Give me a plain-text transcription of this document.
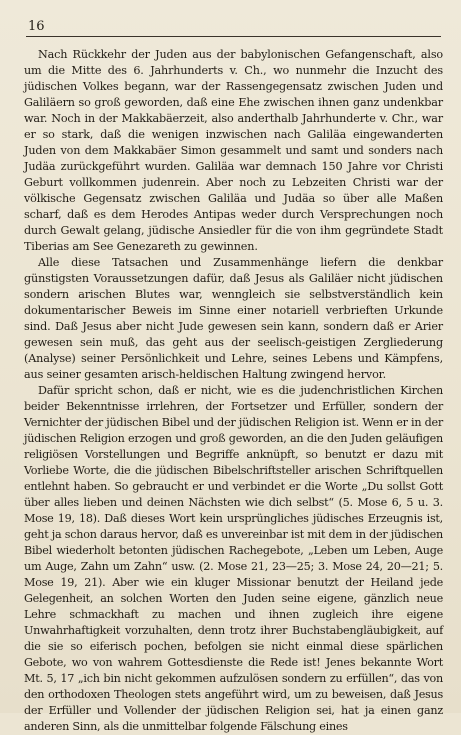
16

Nach Rückkehr der Juden aus der babylonischen Gefangenschaft, also um die Mitte des 6. Jahrhunderts v. Ch., wo nunmehr die Inzucht des jüdischen Volkes begann, war der Rassengegensatz zwischen Juden und Galiläern so groß geworden, daß eine Ehe zwischen ihnen ganz undenkbar war. Noch in der Makkabäerzeit, also anderthalb Jahrhunderte v. Chr., war er so stark, daß die wenigen inzwischen nach Galiläa eingewanderten Juden von dem Makkabäer Simon gesammelt und samt und sonders nach Judäa zurückgeführt wurden. Galiläa war demnach 150 Jahre vor Christi Geburt vollkommen judenrein. Aber noch zu Lebzeiten Christi war der völkische Gegensatz zwischen Galiläa und Judäa so über alle Maßen scharf, daß es dem Herodes Antipas weder durch Versprechungen noch durch Gewalt gelang, jüdische Ansiedler für die von ihm gegründete Stadt Tiberias am See Genezareth zu gewinnen.

Alle diese Tatsachen und Zusammenhänge liefern die denkbar günstigsten Voraussetzungen dafür, daß Jesus als Galiläer nicht jüdischen sondern arischen Blutes war, wenngleich sie selbstverständlich kein dokumentarischer Beweis im Sinne einer notariell verbrieften Urkunde sind. Daß Jesus aber nicht Jude gewesen sein kann, sondern daß er Arier gewesen sein muß, das geht aus der seelisch-geistigen Zergliederung (Analyse) seiner Persönlichkeit und Lehre, seines Lebens und Kämpfens, aus seiner gesamten arisch-heldischen Haltung zwingend hervor.

Dafür spricht schon, daß er nicht, wie es die judenchristlichen Kirchen beider Bekenntnisse irrlehren, der Fortsetzer und Erfüller, sondern der Vernichter der jüdischen Bibel und der jüdischen Religion ist. Wenn er in der jüdischen Religion erzogen und groß geworden, an die den Juden geläufigen religiösen Vorstellungen und Begriffe anknüpft, so benutzt er dazu mit Vorliebe Worte, die die jüdischen Bibelschriftsteller arischen Schriftquellen entlehnt haben. So gebraucht er und verbindet er die Worte „Du sollst Gott über alles lieben und deinen Nächsten wie dich selbst“ (5. Mose 6, 5 u. 3. Mose 19, 18). Daß dieses Wort kein ursprüngliches jüdisches Erzeugnis ist, geht ja schon daraus hervor, daß es unvereinbar ist mit dem in der jüdischen Bibel wiederholt betonten jüdischen Rachegebote, „Leben um Leben, Auge um Auge, Zahn um Zahn“ usw. (2. Mose 21, 23—25; 3. Mose 24, 20—21; 5. Mose 19, 21). Aber wie ein kluger Missionar benutzt der Heiland jede Gelegenheit, an solchen Worten den Juden seine eigene, gänzlich neue Lehre schmackhaft zu machen und ihnen zugleich ihre eigene Unwahrhaftigkeit vorzuhalten, denn trotz ihrer Buchstabengläubigkeit, auf die sie so eiferisch pochen, befolgen sie nicht einmal diese spärlichen Gebote, wo von wahrem Gottesdienste die Rede ist! Jenes bekannte Wort Mt. 5, 17 „ich bin nicht gekommen aufzulösen sondern zu erfüllen“, das von den orthodoxen Theologen stets angeführt wird, um zu beweisen, daß Jesus der Erfüller und Vollender der jüdischen Religion sei, hat ja einen ganz anderen Sinn, als die unmittelbar folgende Fälschung eines
